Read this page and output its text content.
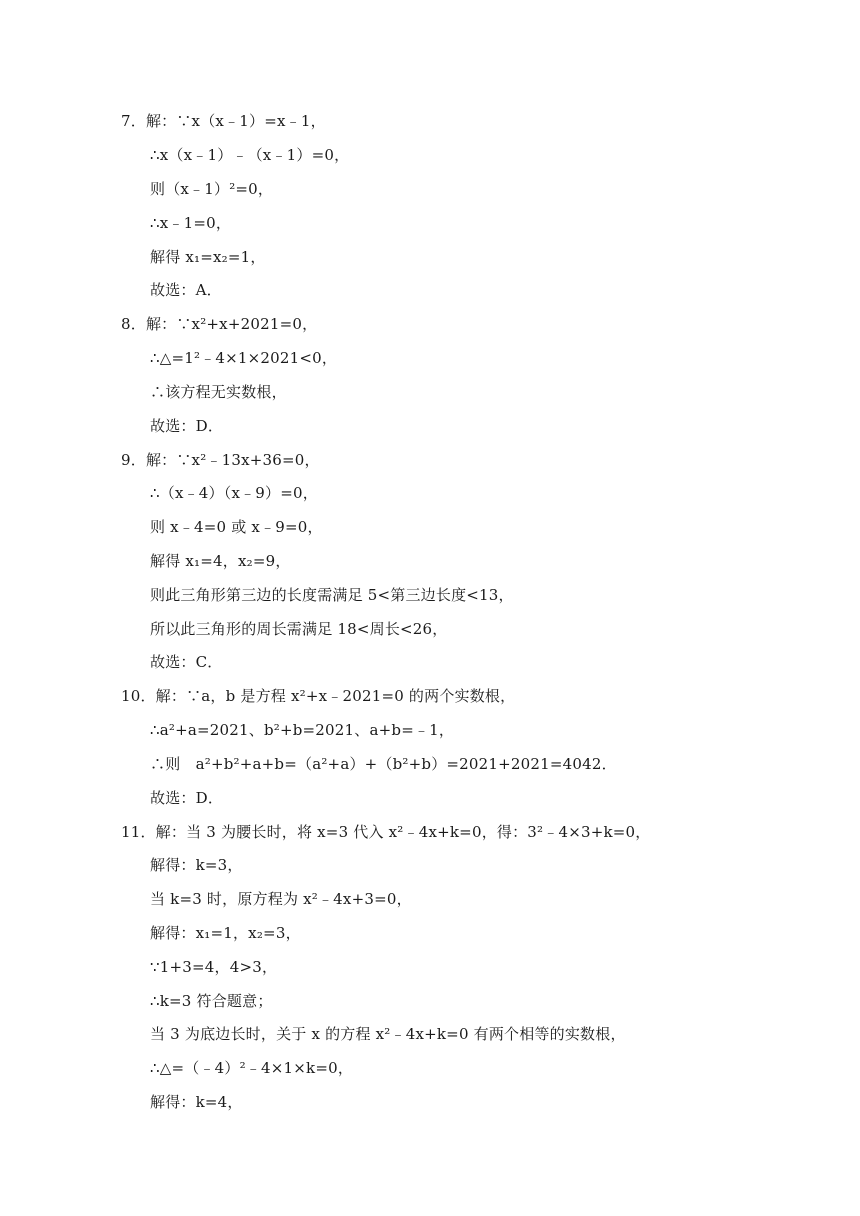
7．解：∵x（x﹣1）=x﹣1，
∴x（x﹣1）﹣（x﹣1）=0，
则（x﹣1）²=0，
∴x﹣1=0，
解得 x₁=x₂=1，
故选：A．
8．解：∵x²+x+2021=0，
∴△=1²﹣4×1×2021<0，
∴该方程无实数根，
故选：D．
9．解：∵x²﹣13x+36=0，
∴（x﹣4）（x﹣9）=0，
则 x﹣4=0 或 x﹣9=0，
解得 x₁=4，x₂=9，
则此三角形第三边的长度需满足 5<第三边长度<13，
所以此三角形的周长需满足 18<周长<26，
故选：C．
10．解：∵a，b 是方程 x²+x﹣2021=0 的两个实数根，
∴a²+a=2021、b²+b=2021、a+b=﹣1，
∴则　a²+b²+a+b=（a²+a）+（b²+b）=2021+2021=4042．
故选：D．
11．解：当 3 为腰长时，将 x=3 代入 x²﹣4x+k=0，得：3²﹣4×3+k=0，
解得：k=3，
当 k=3 时，原方程为 x²﹣4x+3=0，
解得：x₁=1，x₂=3，
∵1+3=4，4>3，
∴k=3 符合题意；
当 3 为底边长时，关于 x 的方程 x²﹣4x+k=0 有两个相等的实数根，
∴△=（﹣4）²﹣4×1×k=0，
解得：k=4，
